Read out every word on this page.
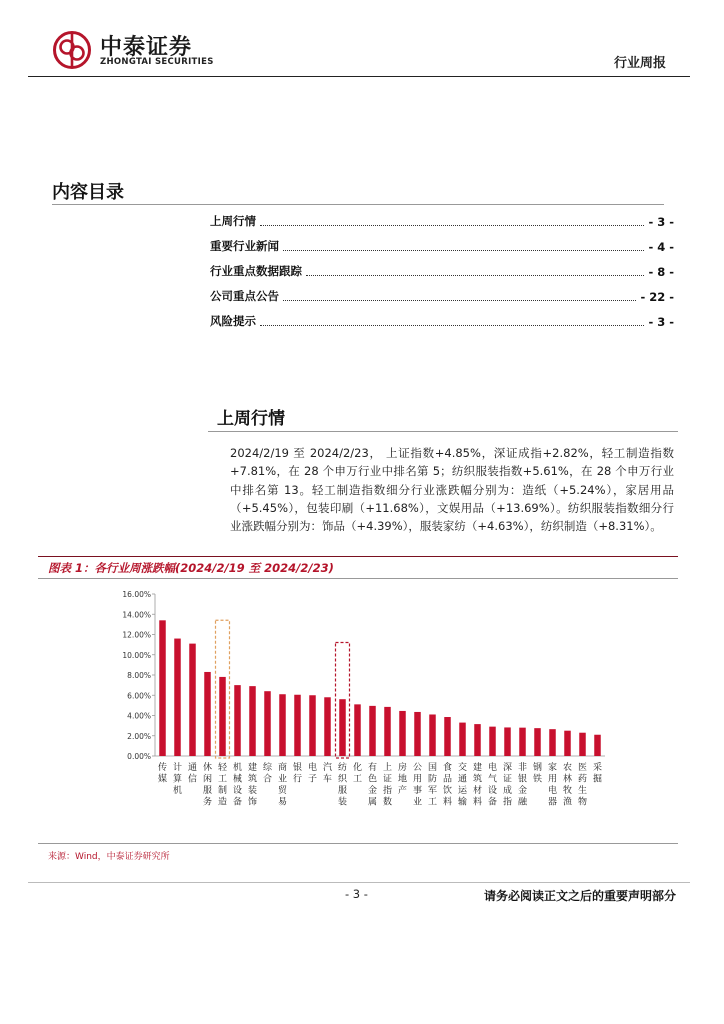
中泰证券
ZHONGTAI SECURITIES	行业周报
内容目录
上周行情	- 3 -
重要行业新闻	- 4 -
行业重点数据跟踪	- 8 -
公司重点公告	- 22 -
风险提示	- 3 -
上周行情
2024/2/19 至 2024/2/23， 上证指数+4.85%，深证成指+2.82%，轻工制造指数+7.81%，在 28 个申万行业中排名第 5；纺织服装指数+5.61%，在 28 个申万行业中排名第 13。轻工制造指数细分行业涨跌幅分别为：造纸（+5.24%），家居用品（+5.45%），包装印刷（+11.68%），文娱用品（+13.69%）。纺织服装指数细分行业涨跌幅分别为：饰品（+4.39%），服装家纺（+4.63%），纺织制造（+8.31%）。
图表 1：各行业周涨跌幅(2024/2/19 至 2024/2/23)
0.00%
2.00%
4.00%
6.00%
8.00%
10.00%
12.00%
14.00%
16.00%
传
媒
计
算
机
通
信
休
闲
服
务
轻
工
制
造
机
械
设
备
建
筑
装
饰
综
合
商
业
贸
易
银
行
电
子
汽
车
纺
织
服
装
化
工
有
色
金
属
上
证
指
数
房
地
产
公
用
事
业
国
防
军
工
食
品
饮
料
交
通
运
输
建
筑
材
料
电
气
设
备
深
证
成
指
非
银
金
融
钢
铁
家
用
电
器
农
林
牧
渔
医
药
生
物
采
掘
来源：Wind，中泰证券研究所
- 3 -	请务必阅读正文之后的重要声明部分
